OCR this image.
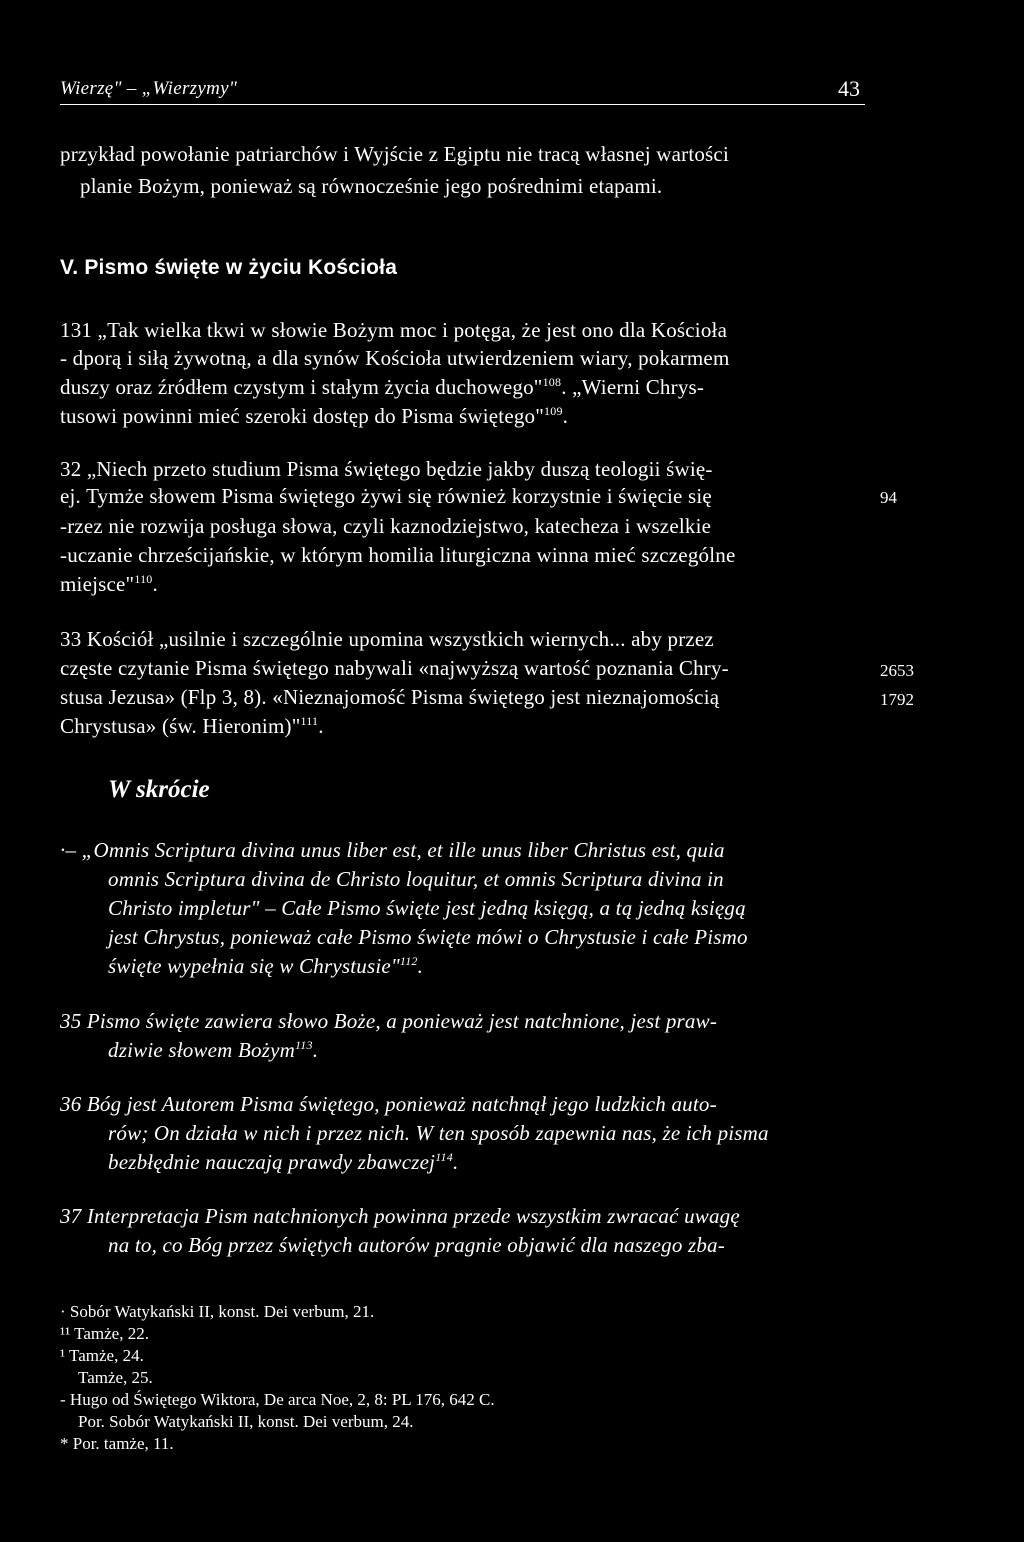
Wierzę" – „Wierzymy"	43
przykład powołanie patriarchów i Wyjście z Egiptu nie tracą własnej wartości
planie Bożym, ponieważ są równocześnie jego pośrednimi etapami.
V. Pismo święte w życiu Kościoła
131 „Tak wielka tkwi w słowie Bożym moc i potęga, że jest ono dla Kościoła
- dporą i siłą żywotną, a dla synów Kościoła utwierdzeniem wiary, pokarmem
duszy oraz źródłem czystym i stałym życia duchowego"$^{108}$. „Wierni Chrys-
tusowi powinni mieć szeroki dostęp do Pisma świętego"$^{109}$.
32 „Niech przeto studium Pisma świętego będzie jakby duszą teologii świę-
ej. Tymże słowem Pisma świętego żywi się również korzystnie i święcie się
-rzez nie rozwija posługa słowa, czyli kaznodziejstwo, katecheza i wszelkie
-uczanie chrześcijańskie, w którym homilia liturgiczna winna mieć szczególne
miejsce"$^{110}$.
94
33 Kościół „usilnie i szczególnie upomina wszystkich wiernych... aby przez
częste czytanie Pisma świętego nabywali «najwyższą wartość poznania Chry-
stusa Jezusa» (Flp 3, 8). «Nieznajomość Pisma świętego jest nieznajomością
Chrystusa» (św. Hieronim)"$^{111}$.
2653
1792
W skrócie
·– „Omnis Scriptura divina unus liber est, et ille unus liber Christus est, quia
omnis Scriptura divina de Christo loquitur, et omnis Scriptura divina in
Christo impletur" – Całe Pismo święte jest jedną księgą, a tą jedną księgą
jest Chrystus, ponieważ całe Pismo święte mówi o Chrystusie i całe Pismo
święte wypełnia się w Chrystusie"$^{112}$.
35 Pismo święte zawiera słowo Boże, a ponieważ jest natchnione, jest praw-
dziwie słowem Bożym$^{113}$.
36 Bóg jest Autorem Pisma świętego, ponieważ natchnął jego ludzkich auto-
rów; On działa w nich i przez nich. W ten sposób zapewnia nas, że ich pisma
bezbłędnie nauczają prawdy zbawczej$^{114}$.
37 Interpretacja Pism natchnionych powinna przede wszystkim zwracać uwagę
na to, co Bóg przez świętych autorów pragnie objawić dla naszego zba-
· Sobór Watykański II, konst. Dei verbum, 21.
¹¹ Tamże, 22.
¹ Tamże, 24.
Tamże, 25.
- Hugo od Świętego Wiktora, De arca Noe, 2, 8: PL 176, 642 C.
Por. Sobór Watykański II, konst. Dei verbum, 24.
* Por. tamże, 11.
